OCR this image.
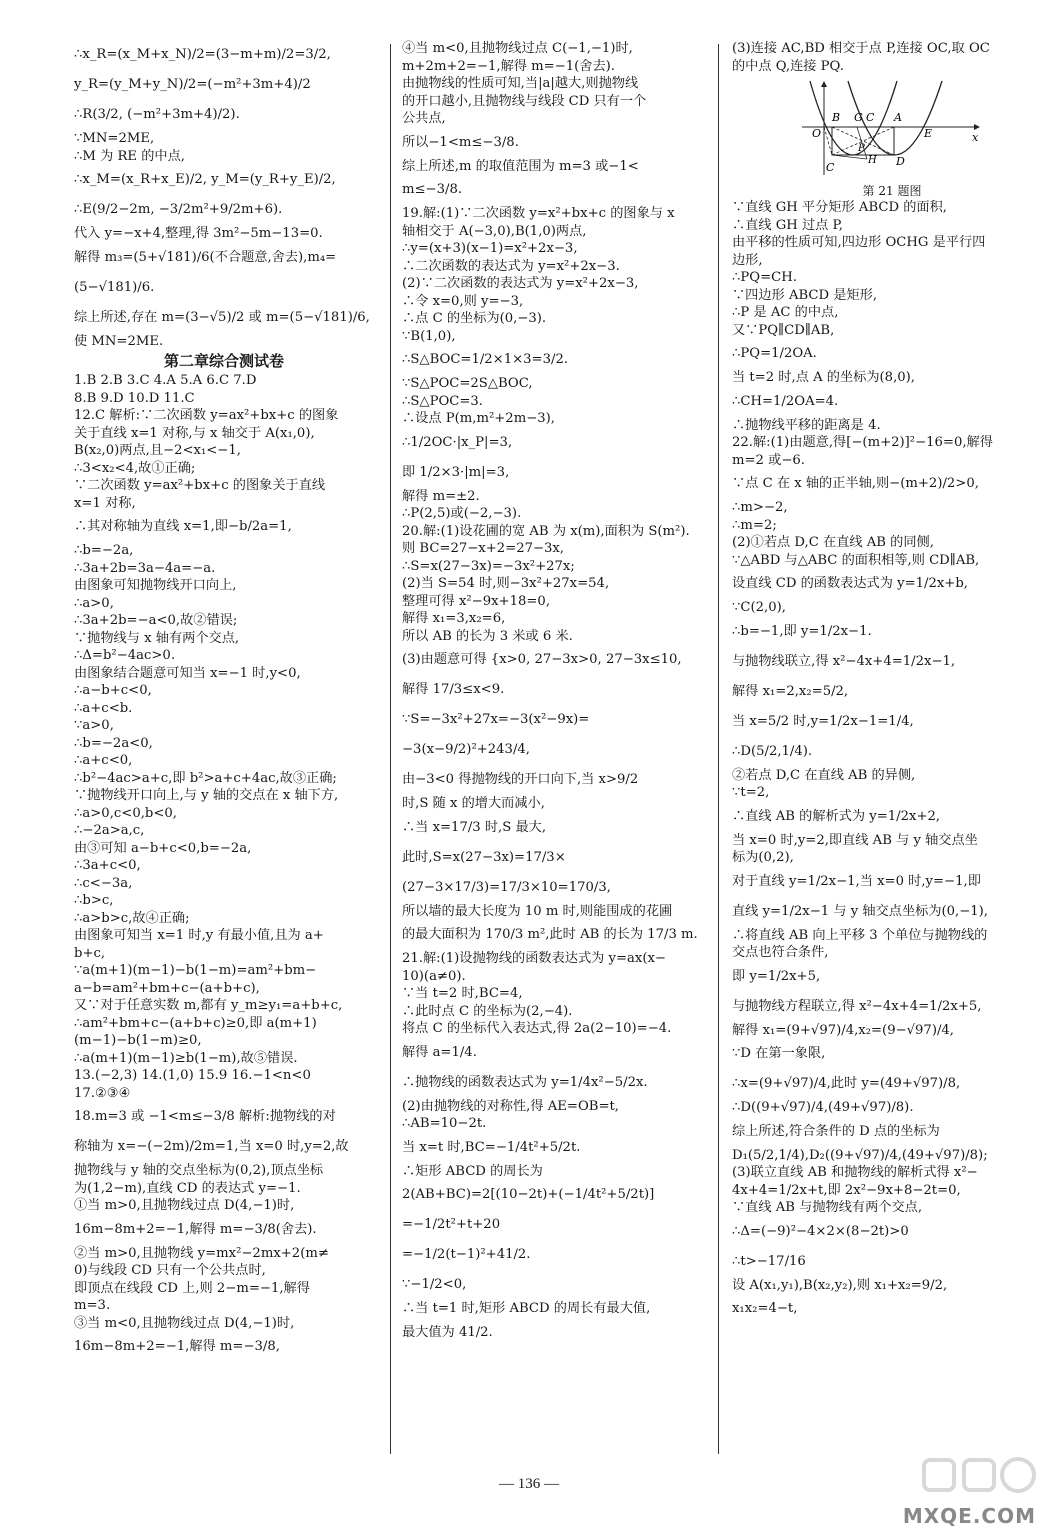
∴x_R=(x_M+x_N)/2=(3−m+m)/2=3/2,
y_R=(y_M+y_N)/2=(−m²+3m+4)/2
∴R(3/2, (−m²+3m+4)/2).
∵MN=2ME,
∴M 为 RE 的中点,
∴x_M=(x_R+x_E)/2, y_M=(y_R+y_E)/2,
∴E(9/2−2m, −3/2m²+9/2m+6).
代入 y=−x+4,整理,得 3m²−5m−13=0.
解得 m₃=(5+√181)/6(不合题意,舍去),m₄=
(5−√181)/6.
综上所述,存在 m=(3−√5)/2 或 m=(5−√181)/6,
使 MN=2ME.
第二章综合测试卷
1.B 2.B 3.C 4.A 5.A 6.C 7.D
8.B 9.D 10.D 11.C
12.C 解析:∵二次函数 y=ax²+bx+c 的图象
关于直线 x=1 对称,与 x 轴交于 A(x₁,0),
B(x₂,0)两点,且−2<x₁<−1,
∴3<x₂<4,故①正确;
∵二次函数 y=ax²+bx+c 的图象关于直线
x=1 对称,
∴其对称轴为直线 x=1,即−b/2a=1,
∴b=−2a,
∴3a+2b=3a−4a=−a.
由图象可知抛物线开口向上,
∴a>0,
∴3a+2b=−a<0,故②错误;
∵抛物线与 x 轴有两个交点,
∴Δ=b²−4ac>0.
由图象结合题意可知当 x=−1 时,y<0,
∴a−b+c<0,
∴a+c<b.
∵a>0,
∴b=−2a<0,
∴a+c<0,
∴b²−4ac>a+c,即 b²>a+c+4ac,故③正确;
∵抛物线开口向上,与 y 轴的交点在 x 轴下方,
∴a>0,c<0,b<0,
∴−2a>a,c,
由③可知 a−b+c<0,b=−2a,
∴3a+c<0,
∴c<−3a,
∴b>c,
∴a>b>c,故④正确;
由图象可知当 x=1 时,y 有最小值,且为 a+
b+c,
∵a(m+1)(m−1)−b(1−m)=am²+bm−
a−b=am²+bm+c−(a+b+c),
又∵对于任意实数 m,都有 y_m≥y₁=a+b+c,
∴am²+bm+c−(a+b+c)≥0,即 a(m+1)
(m−1)−b(1−m)≥0,
∴a(m+1)(m−1)≥b(1−m),故⑤错误.
13.(−2,3) 14.(1,0) 15.9 16.−1<n<0
17.②③④
18.m=3 或 −1<m≤−3/8 解析:抛物线的对
称轴为 x=−(−2m)/2m=1,当 x=0 时,y=2,故
抛物线与 y 轴的交点坐标为(0,2),顶点坐标
为(1,2−m),直线 CD 的表达式 y=−1.
①当 m>0,且抛物线过点 D(4,−1)时,
16m−8m+2=−1,解得 m=−3/8(舍去).
②当 m>0,且抛物线 y=mx²−2mx+2(m≠
0)与线段 CD 只有一个公共点时,
即顶点在线段 CD 上,则 2−m=−1,解得
m=3.
③当 m<0,且抛物线过点 D(4,−1)时,
16m−8m+2=−1,解得 m=−3/8,
④当 m<0,且抛物线过点 C(−1,−1)时,
m+2m+2=−1,解得 m=−1(舍去).
由抛物线的性质可知,当|a|越大,则抛物线
的开口越小,且抛物线与线段 CD 只有一个
公共点,
所以−1<m≤−3/8.
综上所述,m 的取值范围为 m=3 或−1<
m≤−3/8.
19.解:(1)∵二次函数 y=x²+bx+c 的图象与 x
轴相交于 A(−3,0),B(1,0)两点,
∴y=(x+3)(x−1)=x²+2x−3,
∴二次函数的表达式为 y=x²+2x−3.
(2)∵二次函数的表达式为 y=x²+2x−3,
∴令 x=0,则 y=−3,
∴点 C 的坐标为(0,−3).
∵B(1,0),
∴S△BOC=1/2×1×3=3/2.
∵S△POC=2S△BOC,
∴S△POC=3.
∴设点 P(m,m²+2m−3),
∴1/2OC·|x_P|=3,
即 1/2×3·|m|=3,
解得 m=±2.
∴P(2,5)或(−2,−3).
20.解:(1)设花圃的宽 AB 为 x(m),面积为 S(m²).
则 BC=27−x+2=27−3x,
∴S=x(27−3x)=−3x²+27x;
(2)当 S=54 时,则−3x²+27x=54,
整理可得 x²−9x+18=0,
解得 x₁=3,x₂=6,
所以 AB 的长为 3 米或 6 米.
(3)由题意可得 {x>0, 27−3x>0, 27−3x≤10,
解得 17/3≤x<9.
∵S=−3x²+27x=−3(x²−9x)=
−3(x−9/2)²+243/4,
由−3<0 得抛物线的开口向下,当 x>9/2
时,S 随 x 的增大而减小,
∴当 x=17/3 时,S 最大,
此时,S=x(27−3x)=17/3×
(27−3×17/3)=17/3×10=170/3,
所以墙的最大长度为 10 m 时,则能围成的花圃
的最大面积为 170/3 m²,此时 AB 的长为 17/3 m.
21.解:(1)设抛物线的函数表达式为 y=ax(x−
10)(a≠0).
∵当 t=2 时,BC=4,
∴此时点 C 的坐标为(2,−4).
将点 C 的坐标代入表达式,得 2a(2−10)=−4.
解得 a=1/4.
∴抛物线的函数表达式为 y=1/4x²−5/2x.
(2)由抛物线的对称性,得 AE=OB=t,
∴AB=10−2t.
当 x=t 时,BC=−1/4t²+5/2t.
∴矩形 ABCD 的周长为
2(AB+BC)=2[(10−2t)+(−1/4t²+5/2t)]
=−1/2t²+t+20
=−1/2(t−1)²+41/2.
∵−1/2<0,
∴当 t=1 时,矩形 ABCD 的周长有最大值,
最大值为 41/2.
(3)连接 AC,BD 相交于点 P,连接 OC,取 OC
的中点 Q,连接 PQ.
B G C A
x
O	E
P
H D
C
第 21 题图
∵直线 GH 平分矩形 ABCD 的面积,
∴直线 GH 过点 P,
由平移的性质可知,四边形 OCHG 是平行四
边形,
∴PQ=CH.
∵四边形 ABCD 是矩形,
∴P 是 AC 的中点,
又∵PQ∥CD∥AB,
∴PQ=1/2OA.
当 t=2 时,点 A 的坐标为(8,0),
∴CH=1/2OA=4.
∴抛物线平移的距离是 4.
22.解:(1)由题意,得[−(m+2)]²−16=0,解得
m=2 或−6.
∵点 C 在 x 轴的正半轴,则−(m+2)/2>0,
∴m>−2,
∴m=2;
(2)①若点 D,C 在直线 AB 的同侧,
∵△ABD 与△ABC 的面积相等,则 CD∥AB,
设直线 CD 的函数表达式为 y=1/2x+b,
∵C(2,0),
∴b=−1,即 y=1/2x−1.
与抛物线联立,得 x²−4x+4=1/2x−1,
解得 x₁=2,x₂=5/2,
当 x=5/2 时,y=1/2x−1=1/4,
∴D(5/2,1/4).
②若点 D,C 在直线 AB 的异侧,
∵t=2,
∴直线 AB 的解析式为 y=1/2x+2,
当 x=0 时,y=2,即直线 AB 与 y 轴交点坐
标为(0,2),
对于直线 y=1/2x−1,当 x=0 时,y=−1,即
直线 y=1/2x−1 与 y 轴交点坐标为(0,−1),
∴将直线 AB 向上平移 3 个单位与抛物线的
交点也符合条件,
即 y=1/2x+5,
与抛物线方程联立,得 x²−4x+4=1/2x+5,
解得 x₁=(9+√97)/4,x₂=(9−√97)/4,
∵D 在第一象限,
∴x=(9+√97)/4,此时 y=(49+√97)/8,
∴D((9+√97)/4,(49+√97)/8).
综上所述,符合条件的 D 点的坐标为
D₁(5/2,1/4),D₂((9+√97)/4,(49+√97)/8);
(3)联立直线 AB 和抛物线的解析式得 x²−
4x+4=1/2x+t,即 2x²−9x+8−2t=0,
∵直线 AB 与抛物线有两个交点,
∴Δ=(−9)²−4×2×(8−2t)>0
∴t>−17/16
设 A(x₁,y₁),B(x₂,y₂),则 x₁+x₂=9/2,
x₁x₂=4−t,
— 136 —
MXQE.COM
